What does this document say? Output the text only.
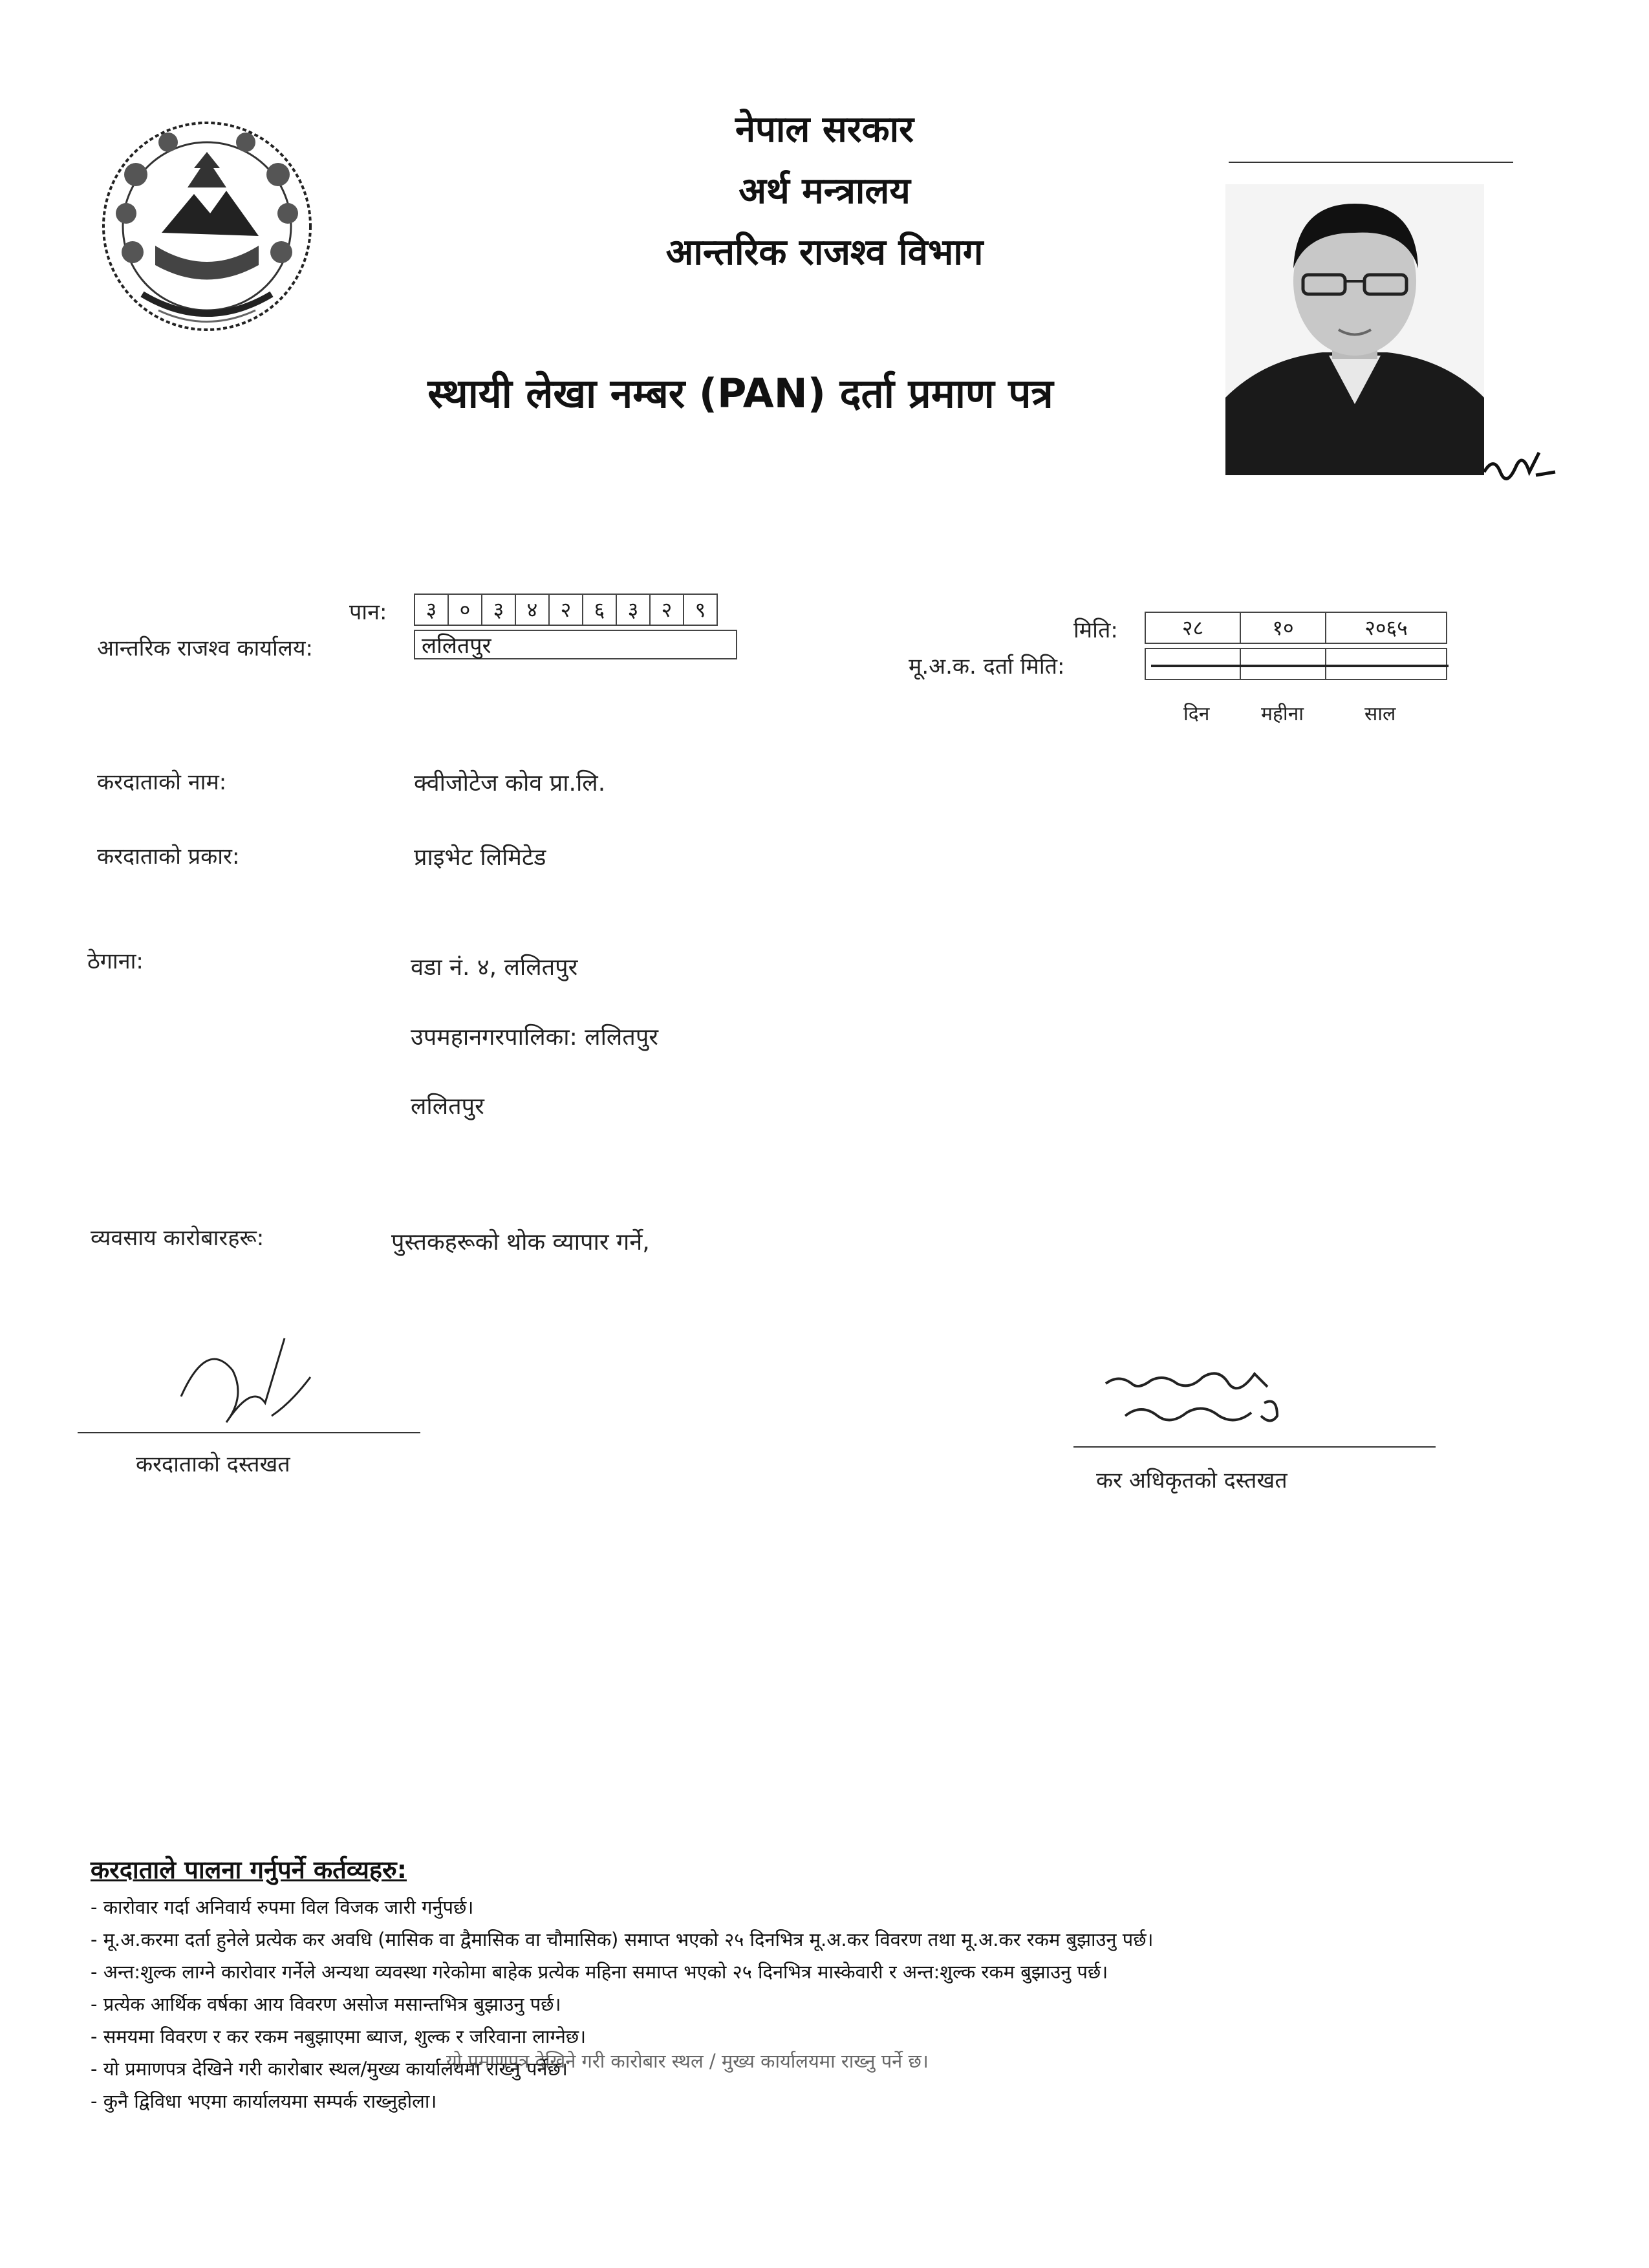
नेपाल सरकार
अर्थ मन्त्रालय
आन्तरिक राजश्व विभाग
स्थायी लेखा नम्बर (PAN) दर्ता प्रमाण पत्र
पान:	३	०	३	४	२	६	३	२	९
आन्तरिक राजश्व कार्यालय:	ललितपुर
मिति:	२८	१०	२०६५
मू.अ.क. दर्ता मिति:
दिन	महीना	साल
करदाताको नाम:	क्वीजोटेज कोव प्रा.लि.
करदाताको प्रकार:	प्राइभेट लिमिटेड
ठेगाना:	वडा नं. ४, ललितपुर
उपमहानगरपालिका: ललितपुर
ललितपुर
व्यवसाय कारोबारहरू:	पुस्तकहरूको थोक व्यापार गर्ने,
करदाताको दस्तखत
कर अधिकृतको दस्तखत
करदाताले पालना गर्नुपर्ने कर्तव्यहरु:
- कारोवार गर्दा अनिवार्य रुपमा विल विजक जारी गर्नुपर्छ।
- मू.अ.करमा दर्ता हुनेले प्रत्येक कर अवधि (मासिक वा द्वैमासिक वा चौमासिक) समाप्त भएको २५ दिनभित्र मू.अ.कर विवरण तथा मू.अ.कर रकम बुझाउनु पर्छ।
- अन्त:शुल्क लाग्ने कारोवार गर्नेले अन्यथा व्यवस्था गरेकोमा बाहेक प्रत्येक महिना समाप्त भएको २५ दिनभित्र मास्केवारी र अन्त:शुल्क रकम बुझाउनु पर्छ।
- प्रत्येक आर्थिक वर्षका आय विवरण असोज मसान्तभित्र बुझाउनु पर्छ।
- समयमा विवरण र कर रकम नबुझाएमा ब्याज, शुल्क र जरिवाना लाग्नेछ।
- यो प्रमाणपत्र देखिने गरी कारोबार स्थल/मुख्य कार्यालयमा राख्नु पर्नेछ।
- कुनै द्विविधा भएमा कार्यालयमा सम्पर्क राख्नुहोला।
यो प्रमाणपत्र देखिने गरी कारोबार स्थल / मुख्य कार्यालयमा राख्नु पर्ने छ।
